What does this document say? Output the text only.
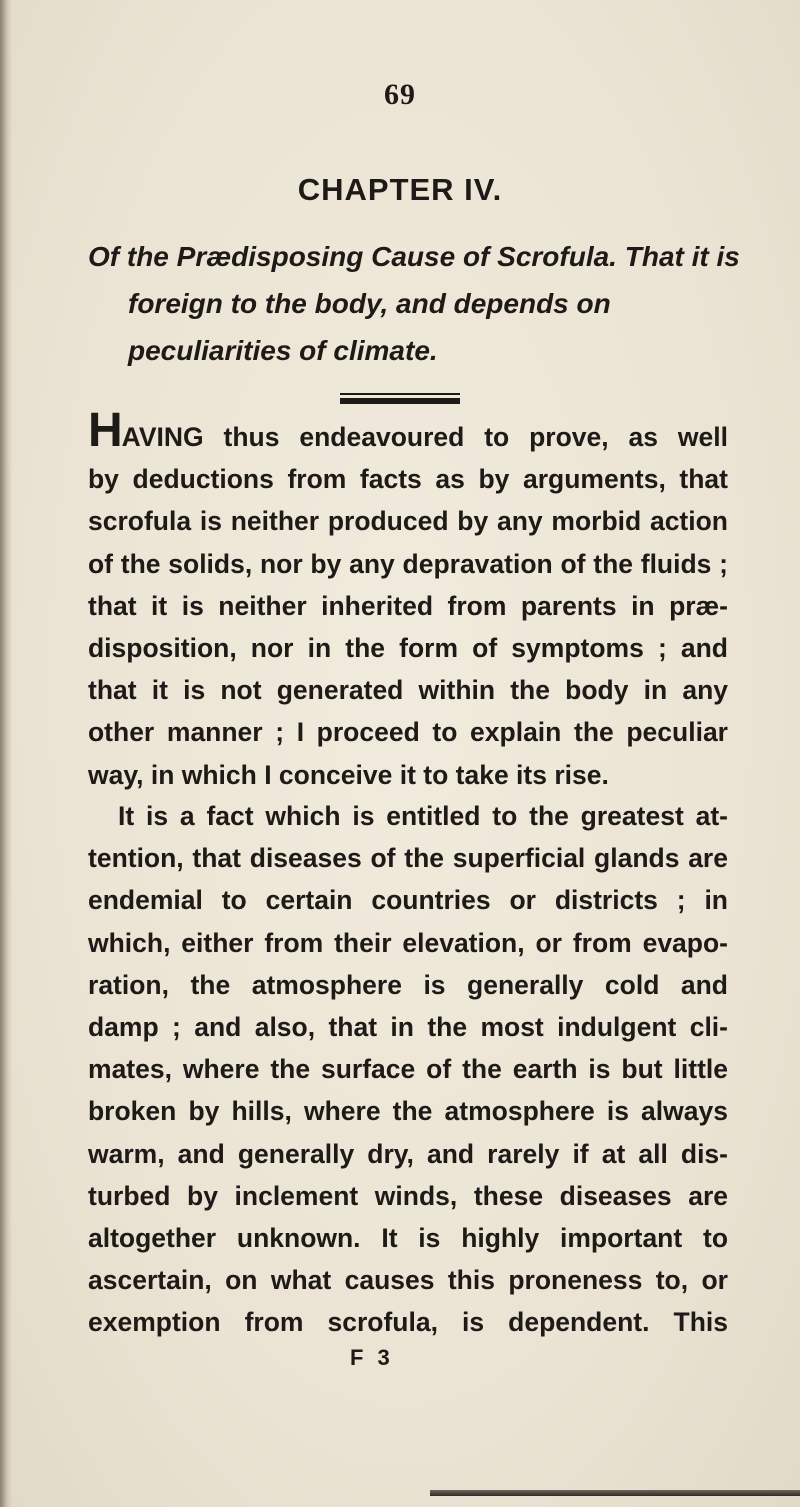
69
CHAPTER IV.
Of the Prædisposing Cause of Scrofula. That it is foreign to the body, and depends on peculiarities of climate.

HAVING thus endeavoured to prove, as well
by deductions from facts as by arguments, that
scrofula is neither produced by any morbid action
of the solids, nor by any depravation of the fluids ;
that it is neither inherited from parents in præ-
disposition, nor in the form of symptoms ; and
that it is not generated within the body in any
other manner ; I proceed to explain the peculiar
way, in which I conceive it to take its rise.

It is a fact which is entitled to the greatest at-
tention, that diseases of the superficial glands are
endemial to certain countries or districts ; in
which, either from their elevation, or from evapo-
ration, the atmosphere is generally cold and
damp ; and also, that in the most indulgent cli-
mates, where the surface of the earth is but little
broken by hills, where the atmosphere is always
warm, and generally dry, and rarely if at all dis-
turbed by inclement winds, these diseases are
altogether unknown. It is highly important to
ascertain, on what causes this proneness to, or
exemption from scrofula, is dependent. This

F 3
